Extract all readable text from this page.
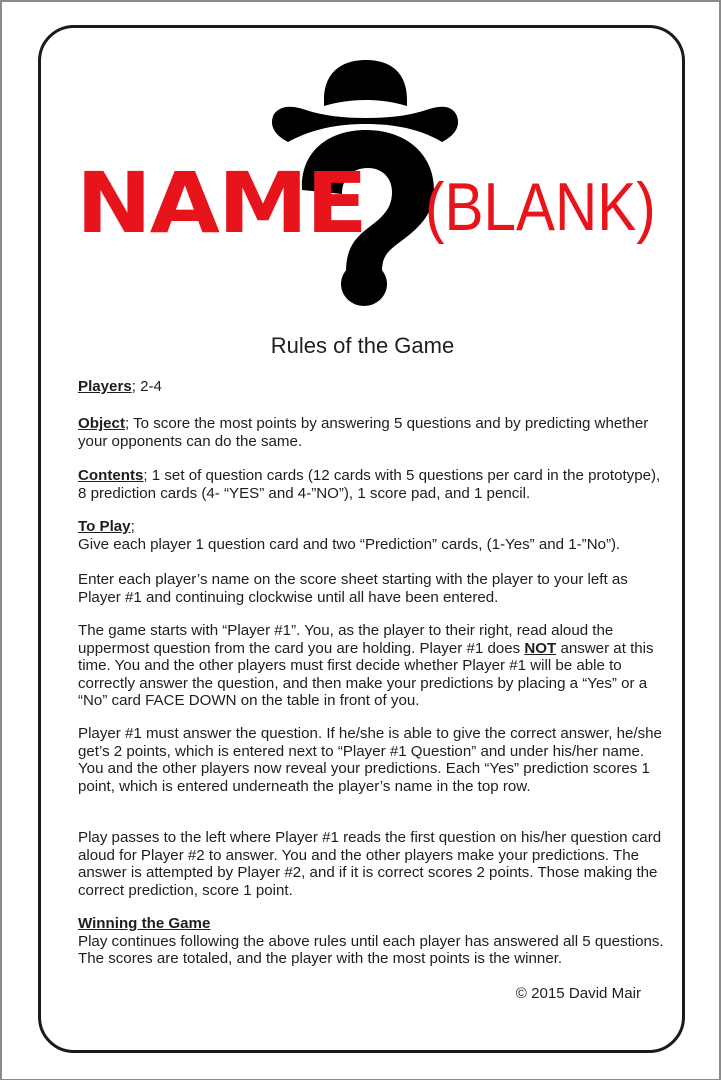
NAME (BLANK)
Rules of the Game

Players; 2-4

Object; To score the most points by answering 5 questions and by predicting whether your opponents can do the same.

Contents; 1 set of question cards (12 cards with 5 questions per card in the prototype), 8 prediction cards (4- “YES” and 4-”NO”), 1 score pad, and 1 pencil.

To Play;

Give each player 1 question card and two “Prediction” cards, (1-Yes” and 1-”No”).

Enter each player’s name on the score sheet starting with the player to your left as Player #1 and continuing clockwise until all have been entered.

The game starts with “Player #1”. You, as the player to their right, read aloud the uppermost question from the card you are holding. Player #1 does NOT answer at this time. You and the other players must first decide whether Player #1 will be able to correctly answer the question, and then make your predictions by placing a “Yes” or a “No” card FACE DOWN on the table in front of you.

Player #1 must answer the question. If he/she is able to give the correct answer, he/she get’s 2 points, which is entered next to “Player #1 Question” and under his/her name. You and the other players now reveal your predictions. Each “Yes” prediction scores 1 point, which is entered underneath the player’s name in the top row.
Play passes to the left where Player #1 reads the first question on his/her question card aloud for Player #2 to answer. You and the other players make your predictions. The answer is attempted by Player #2, and if it is correct scores 2 points. Those making the correct prediction, score 1 point.

Winning the Game

Play continues following the above rules until each player has answered all 5 questions. The scores are totaled, and the player with the most points is the winner.

© 2015 David Mair
